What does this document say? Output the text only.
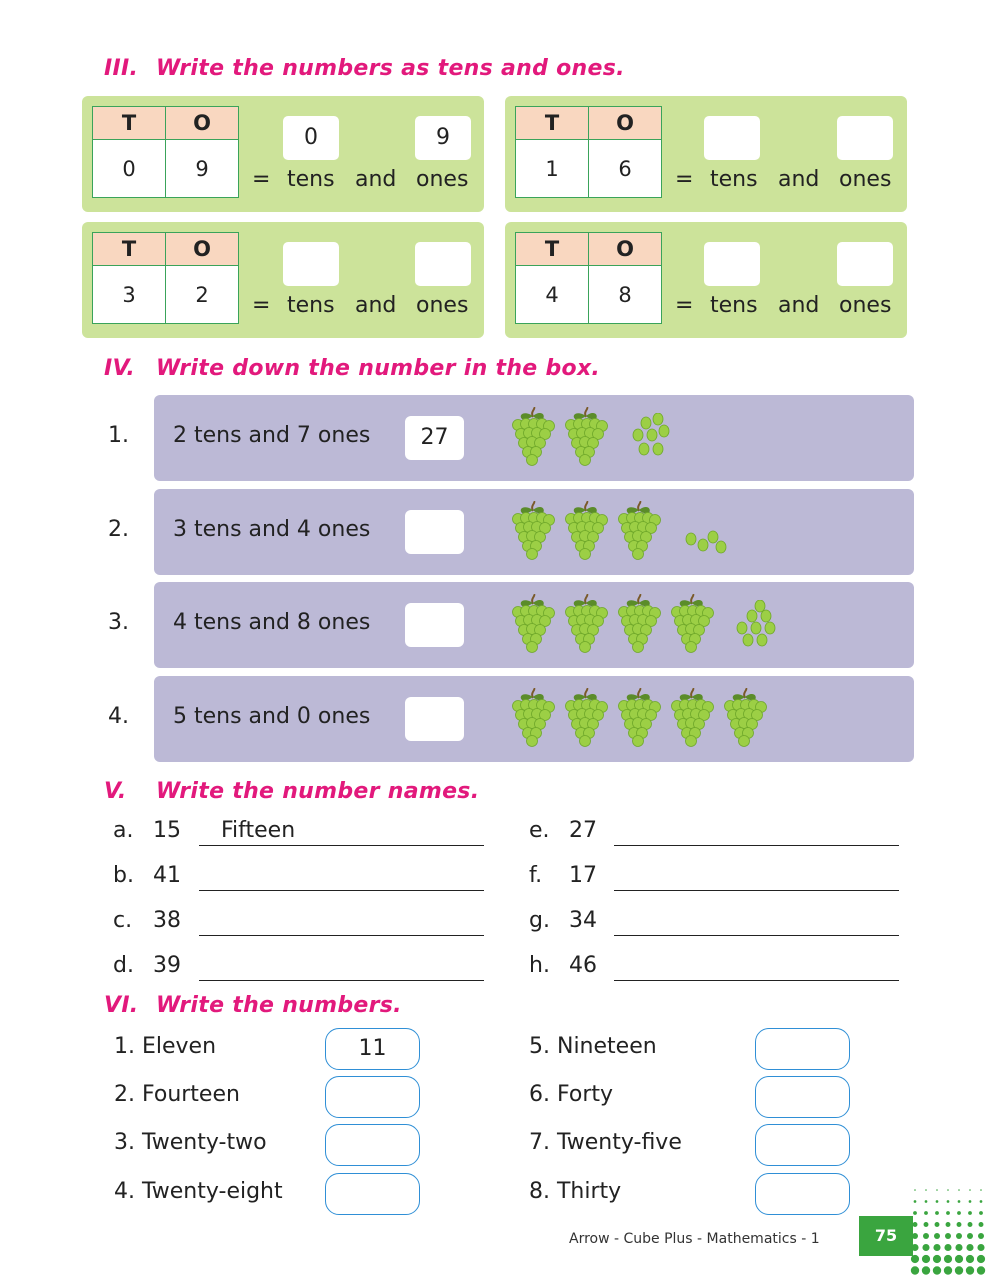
III. Write the numbers as tens and ones.
T	O
0	9
0	9
= tens and ones
T	O
1	6 = tens and ones
T	O
3	2 = tens and ones
T	O
4	8 = tens and ones
IV. Write down the number in the box.
1. 2 tens and 7 ones	27
2. 3 tens and 4 ones
3. 4 tens and 8 ones
4. 5 tens and 0 ones
V. Write the number names.
a. 15	Fifteen
b. 41
c. 38
d. 39
e. 27
f.	17
g. 34
h. 46
VI. Write the numbers.
1. Eleven	11
2. Fourteen
3. Twenty-two
4. Twenty-eight
5. Nineteen
6. Forty
7. Twenty-five
8. Thirty
Arrow - Cube Plus - Mathematics - 1	75
